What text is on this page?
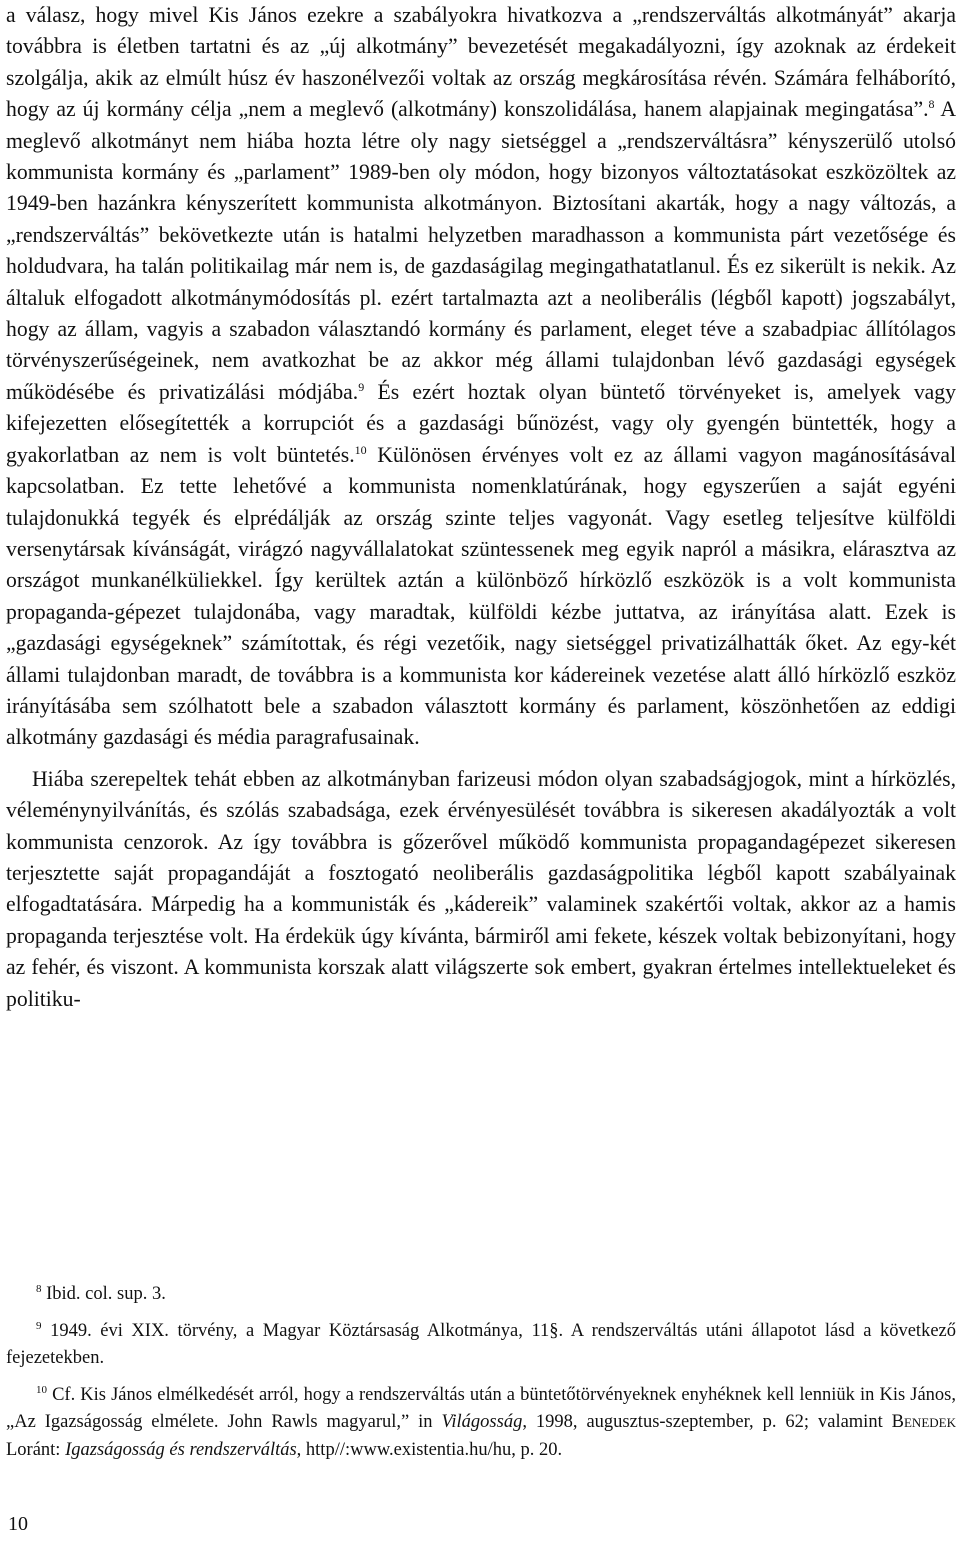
a válasz, hogy mivel Kis János ezekre a szabályokra hivatkozva a „rendszerváltás alkotmányát” akarja továbbra is életben tartatni és az „új alkotmány” bevezetését megakadályozni, így azoknak az érdekeit szolgálja, akik az elmúlt húsz év haszonélvezői voltak az ország megkárosítása révén. Számára felháborító, hogy az új kormány célja „nem a meglevő (alkotmány) konszolidálása, hanem alapjainak megingatása”.$^8$ A meglevő alkotmányt nem hiába hozta létre oly nagy sietséggel a „rendszerváltásra” kényszerülő utolsó kommunista kormány és „parlament” 1989-ben oly módon, hogy bizonyos változtatásokat eszközöltek az 1949-ben hazánkra kényszerített kommunista alkotmányon. Biztosítani akarták, hogy a nagy változás, a „rendszerváltás” bekövetkezte után is hatalmi helyzetben maradhasson a kommunista párt vezetősége és holdudvara, ha talán politikailag már nem is, de gazdaságilag megingathatatlanul. És ez sikerült is nekik. Az általuk elfogadott alkotmánymódosítás pl. ezért tartalmazta azt a neoliberális (légből kapott) jogszabályt, hogy az állam, vagyis a szabadon választandó kormány és parlament, eleget téve a szabadpiac állítólagos törvényszerűségeinek, nem avatkozhat be az akkor még állami tulajdonban lévő gazdasági egységek működésébe és privatizálási módjába.$^9$ És ezért hoztak olyan büntető törvényeket is, amelyek vagy kifejezetten elősegítették a korrupciót és a gazdasági bűnözést, vagy oly gyengén büntették, hogy a gyakorlatban az nem is volt büntetés.$^{10}$ Különösen érvényes volt ez az állami vagyon magánosításával kapcsolatban. Ez tette lehetővé a kommunista nomenklatúrának, hogy egyszerűen a saját egyéni tulajdonukká tegyék és elprédálják az ország szinte teljes vagyonát. Vagy esetleg teljesítve külföldi versenytársak kívánságát, virágzó nagyvállalatokat szüntessenek meg egyik napról a másikra, elárasztva az országot munkanélküliekkel. Így kerültek aztán a különböző hírközlő eszközök is a volt kommunista propaganda-gépezet tulajdonába, vagy maradtak, külföldi kézbe juttatva, az irányítása alatt. Ezek is „gazdasági egységeknek” számítottak, és régi vezetőik, nagy sietséggel privatizálhatták őket. Az egy-két állami tulajdonban maradt, de továbbra is a kommunista kor kádereinek vezetése alatt álló hírközlő eszköz irányításába sem szólhatott bele a szabadon választott kormány és parlament, köszönhetően az eddigi alkotmány gazdasági és média paragrafusainak.

Hiába szerepeltek tehát ebben az alkotmányban farizeusi módon olyan szabadságjogok, mint a hírközlés, véleménynyilvánítás, és szólás szabadsága, ezek érvényesülését továbbra is sikeresen akadályozták a volt kommunista cenzorok. Az így továbbra is gőzerővel működő kommunista propagandagépezet sikeresen terjesztette saját propagandáját a fosztogató neoliberális gazdaságpolitika légből kapott szabályainak elfogadtatására. Márpedig ha a kommunisták és „kádereik” valaminek szakértői voltak, akkor az a hamis propaganda terjesztése volt. Ha érdekük úgy kívánta, bármiről ami fekete, készek voltak bebizonyítani, hogy az fehér, és viszont. A kommunista korszak alatt világszerte sok embert, gyakran értelmes intellektueleket és politiku-

$^8$ Ibid. col. sup. 3.

$^9$ 1949. évi XIX. törvény, a Magyar Köztársaság Alkotmánya, 11§. A rendszerváltás utáni állapotot lásd a következő fejezetekben.

$^{10}$ Cf. Kis János elmélkedését arról, hogy a rendszerváltás után a büntetőtörvényeknek enyhéknek kell lenniük in Kis János, „Az Igazságosság elmélete. John Rawls magyarul,” in Világosság, 1998, augusztus-szeptember, p. 62; valamint Benedek Loránt: Igazságosság és rendszerváltás, http//:www.existentia.hu/hu, p. 20.

10
